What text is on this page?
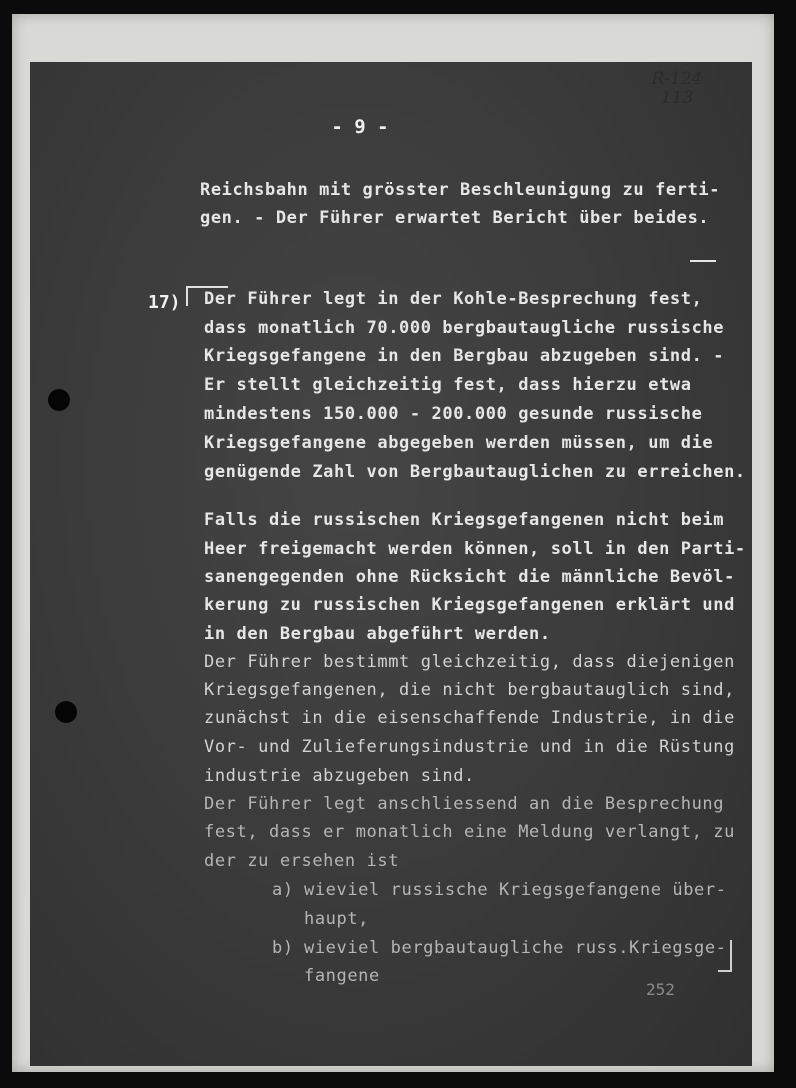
R-124
113
- 9 -
Reichsbahn mit grösster Beschleunigung zu ferti-
gen. - Der Führer erwartet Bericht über beides.
17) Der Führer legt in der Kohle-Besprechung fest,
dass monatlich 70.000 bergbautaugliche russische
Kriegsgefangene in den Bergbau abzugeben sind. -
Er stellt gleichzeitig fest, dass hierzu etwa
mindestens 150.000 - 200.000 gesunde russische
Kriegsgefangene abgegeben werden müssen, um die
genügende Zahl von Bergbautauglichen zu erreichen.
Falls die russischen Kriegsgefangenen nicht beim
Heer freigemacht werden können, soll in den Parti-
sanengegenden ohne Rücksicht die männliche Bevöl-
kerung zu russischen Kriegsgefangenen erklärt und
in den Bergbau abgeführt werden.
Der Führer bestimmt gleichzeitig, dass diejenigen
Kriegsgefangenen, die nicht bergbautauglich sind,
zunächst in die eisenschaffende Industrie, in die
Vor- und Zulieferungsindustrie und in die Rüstung
industrie abzugeben sind.
Der Führer legt anschliessend an die Besprechung
fest, dass er monatlich eine Meldung verlangt, zu
der zu ersehen ist
a) wieviel russische Kriegsgefangene über-
haupt,
b) wieviel bergbautaugliche russ.Kriegsge-
fangene
252
